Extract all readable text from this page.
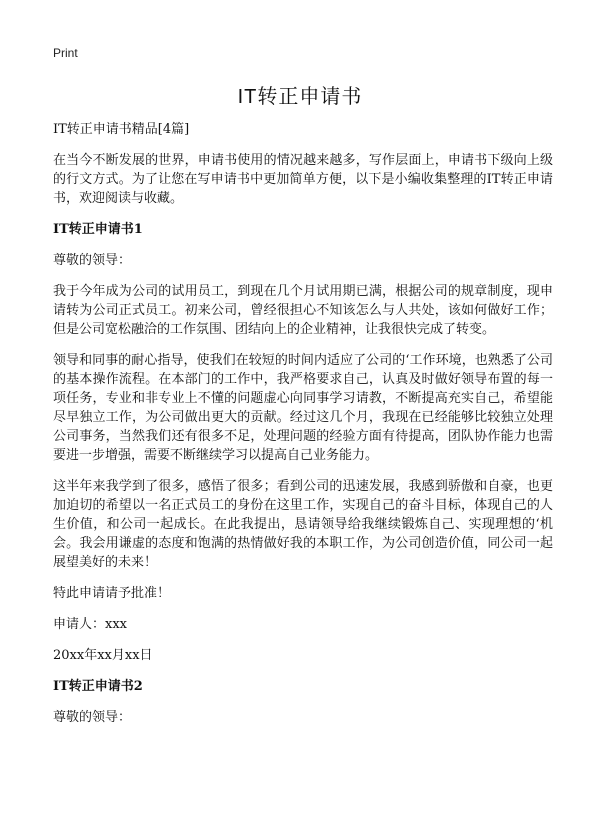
Print
IT转正申请书

IT转正申请书精品[4篇]

在当今不断发展的世界，申请书使用的情况越来越多，写作层面上，申请书下级向上级的行文方式。为了让您在写申请书中更加简单方便，以下是小编收集整理的IT转正申请书，欢迎阅读与收藏。

IT转正申请书1

尊敬的领导：

我于今年成为公司的试用员工，到现在几个月试用期已满，根据公司的规章制度，现申请转为公司正式员工。初来公司，曾经很担心不知该怎么与人共处，该如何做好工作；但是公司宽松融洽的工作氛围、团结向上的企业精神，让我很快完成了转变。

领导和同事的耐心指导，使我们在较短的时间内适应了公司的‘工作环境，也熟悉了公司的基本操作流程。在本部门的工作中，我严格要求自己，认真及时做好领导布置的每一项任务，专业和非专业上不懂的问题虚心向同事学习请教，不断提高充实自己，希望能尽早独立工作，为公司做出更大的贡献。经过这几个月，我现在已经能够比较独立处理公司事务，当然我们还有很多不足，处理问题的经验方面有待提高，团队协作能力也需要进一步增强，需要不断继续学习以提高自己业务能力。

这半年来我学到了很多，感悟了很多；看到公司的迅速发展，我感到骄傲和自豪，也更加迫切的希望以一名正式员工的身份在这里工作，实现自己的奋斗目标，体现自己的人生价值，和公司一起成长。在此我提出，恳请领导给我继续锻炼自己、实现理想的‘机会。我会用谦虚的态度和饱满的热情做好我的本职工作，为公司创造价值，同公司一起展望美好的未来！

特此申请请予批准！

申请人：xxx

20xx年xx月xx日

IT转正申请书2

尊敬的领导：
